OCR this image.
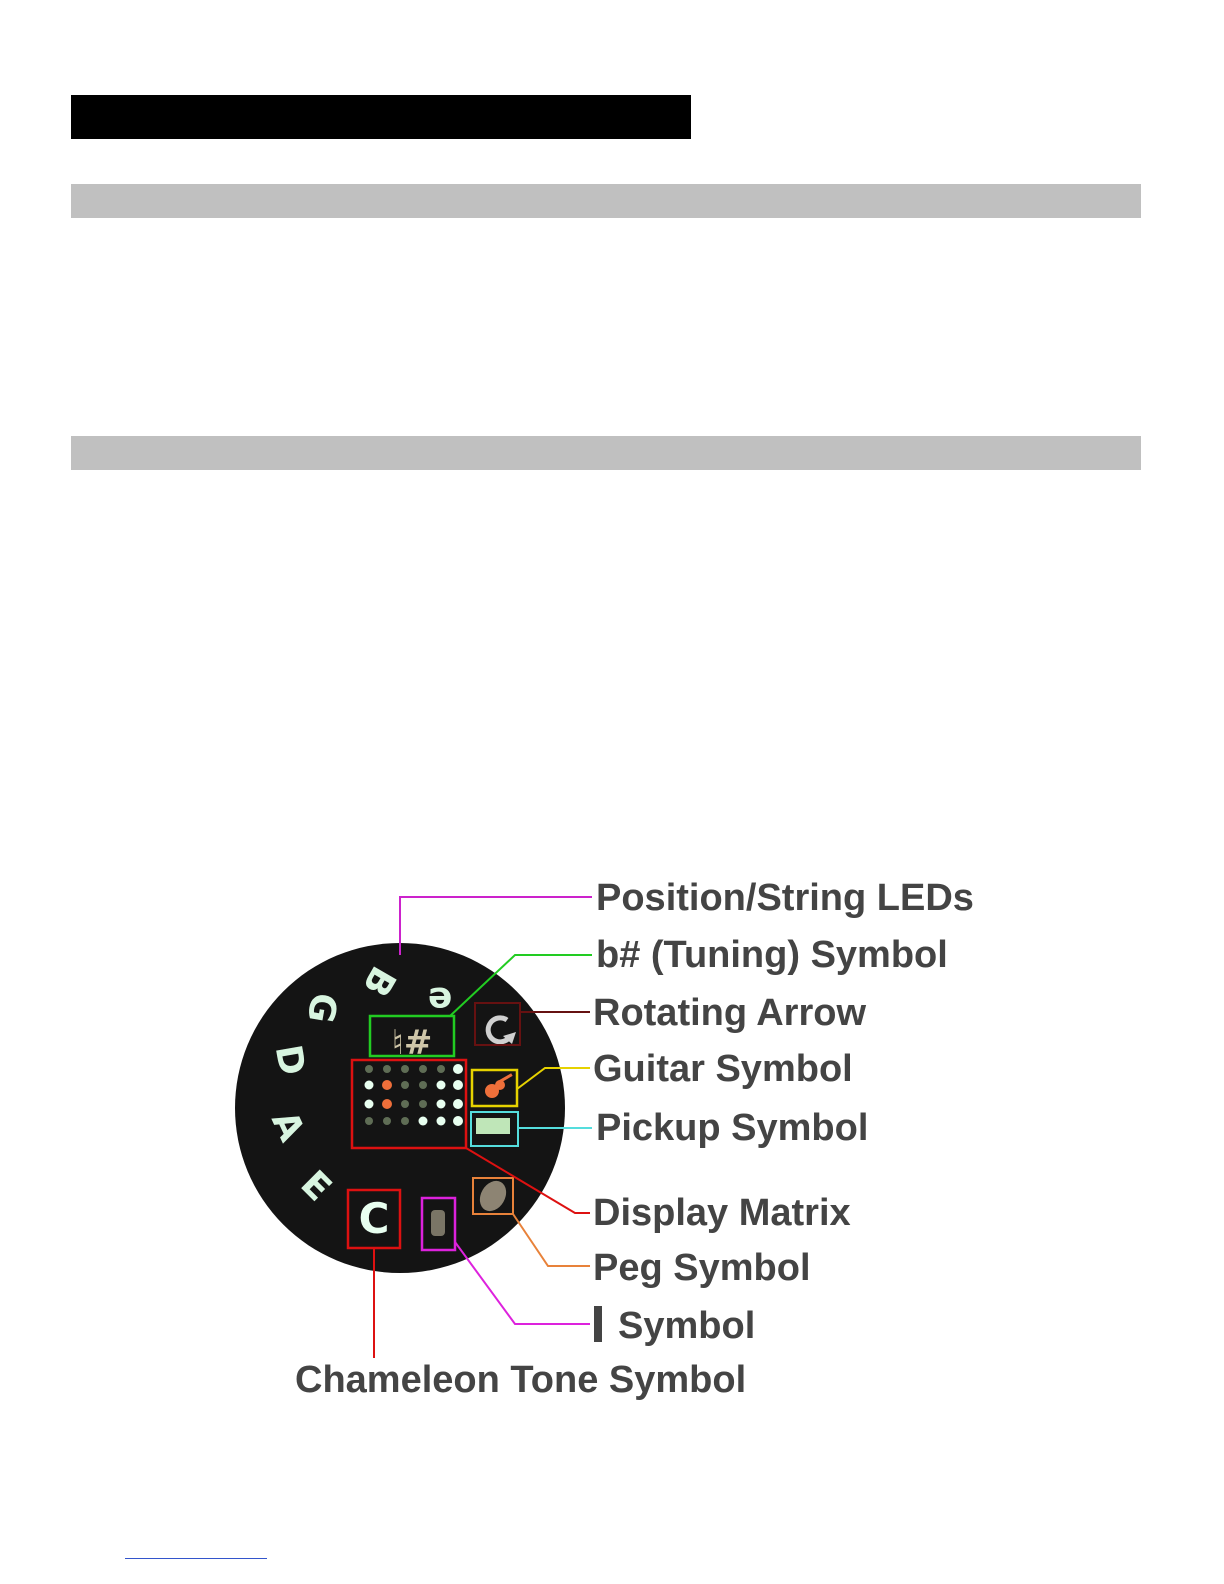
e
B
G
D
A
E
♮#
C
Position/String LEDs
b# (Tuning) Symbol
Rotating Arrow
Guitar Symbol
Pickup Symbol
Display Matrix
Peg Symbol
Symbol
Chameleon Tone Symbol
